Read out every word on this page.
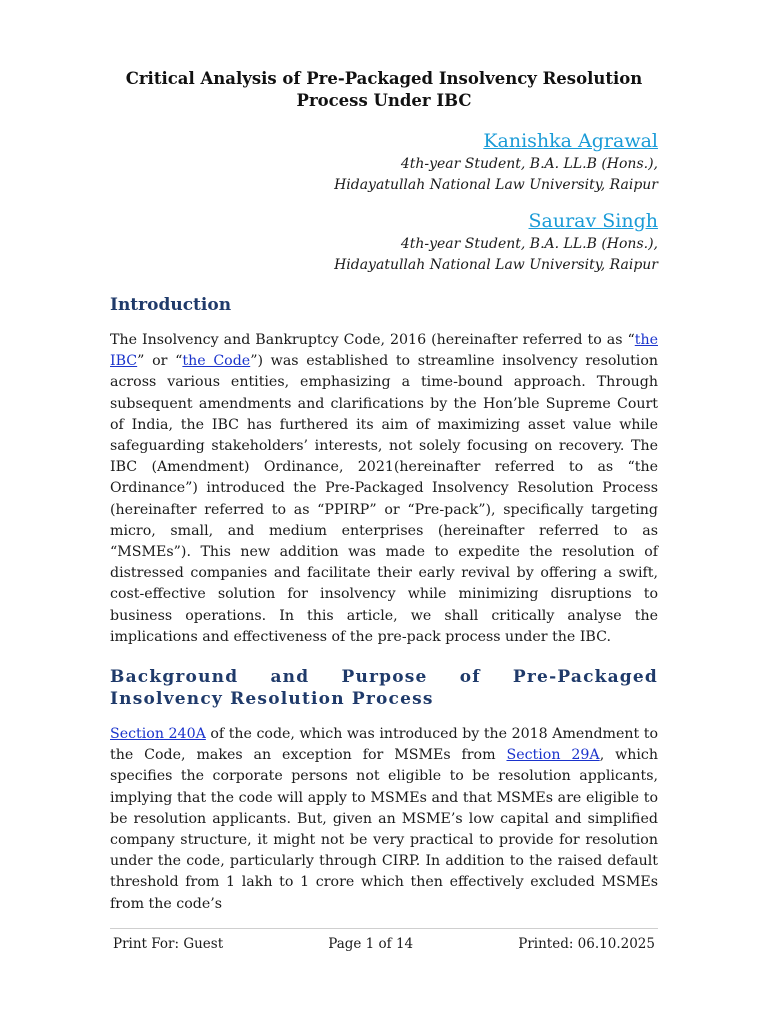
Critical Analysis of Pre-Packaged Insolvency Resolution
Process Under IBC
Kanishka Agrawal
4th-year Student, B.A. LL.B (Hons.),
Hidayatullah National Law University, Raipur
Saurav Singh
4th-year Student, B.A. LL.B (Hons.),
Hidayatullah National Law University, Raipur
Introduction

The Insolvency and Bankruptcy Code, 2016 (hereinafter referred to as “the IBC” or “the Code”) was established to streamline insolvency resolution across various entities, emphasizing a time-bound approach. Through subsequent amendments and clarifications by the Hon’ble Supreme Court of India, the IBC has furthered its aim of maximizing asset value while safeguarding stakeholders’ interests, not solely focusing on recovery. The IBC (Amendment) Ordinance, 2021(hereinafter referred to as “the Ordinance”) introduced the Pre-Packaged Insolvency Resolution Process (hereinafter referred to as “PPIRP” or “Pre-pack”), specifically targeting micro, small, and medium enterprises (hereinafter referred to as “MSMEs”). This new addition was made to expedite the resolution of distressed companies and facilitate their early revival by offering a swift, cost-effective solution for insolvency while minimizing disruptions to business operations. In this article, we shall critically analyse the implications and effectiveness of the pre-pack process under the IBC.

Background and Purpose of Pre-Packaged Insolvency Resolution Process

Section 240A of the code, which was introduced by the 2018 Amendment to the Code, makes an exception for MSMEs from Section 29A, which specifies the corporate persons not eligible to be resolution applicants, implying that the code will apply to MSMEs and that MSMEs are eligible to be resolution applicants. But, given an MSME’s low capital and simplified company structure, it might not be very practical to provide for resolution under the code, particularly through CIRP. In addition to the raised default threshold from 1 lakh to 1 crore which then effectively excluded MSMEs from the code’s

Print For: Guest	Page 1 of 14	Printed: 06.10.2025
